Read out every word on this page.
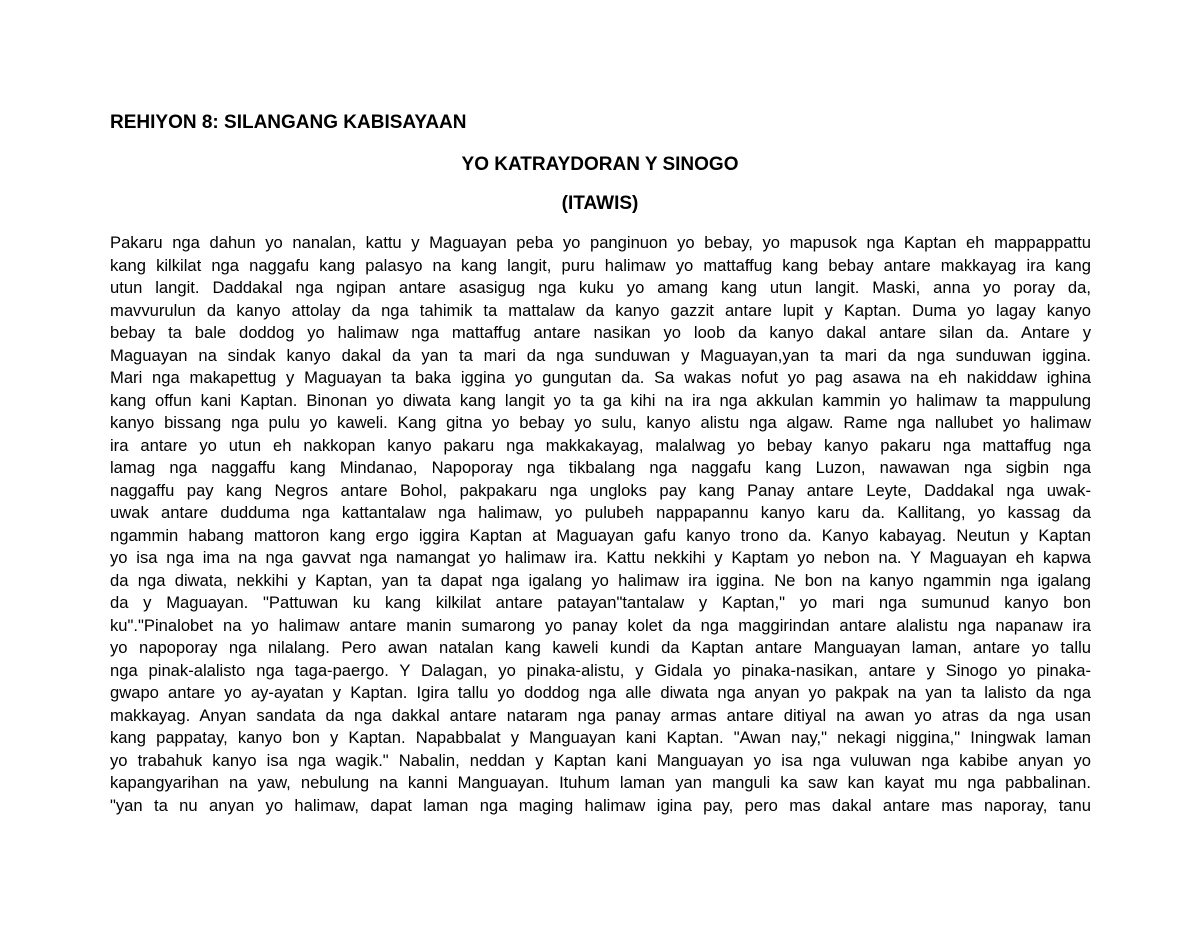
REHIYON 8: SILANGANG KABISAYAAN
YO KATRAYDORAN Y SINOGO
(ITAWIS)
Pakaru nga dahun yo nanalan, kattu y Maguayan peba yo panginuon yo bebay, yo mapusok nga Kaptan eh mappappattu
kang kilkilat nga naggafu kang palasyo na kang langit, puru halimaw yo mattaffug kang bebay antare makkayag ira kang
utun langit. Daddakal nga ngipan antare asasigug nga kuku yo amang kang utun langit. Maski, anna yo poray da,
mavvurulun da kanyo attolay da nga tahimik ta mattalaw da kanyo gazzit antare lupit y Kaptan. Duma yo lagay kanyo
bebay ta bale doddog yo halimaw nga mattaffug antare nasikan yo loob da kanyo dakal antare silan da. Antare y
Maguayan na sindak kanyo dakal da yan ta mari da nga sunduwan y Maguayan,yan ta mari da nga sunduwan iggina.
Mari nga makapettug y Maguayan ta baka iggina yo gungutan da. Sa wakas nofut yo pag asawa na eh nakiddaw ighina
kang offun kani Kaptan. Binonan yo diwata kang langit yo ta ga kihi na ira nga akkulan kammin yo halimaw ta mappulung
kanyo bissang nga pulu yo kaweli. Kang gitna yo bebay yo sulu, kanyo alistu nga algaw. Rame nga nallubet yo halimaw
ira antare yo utun eh nakkopan kanyo pakaru nga makkakayag, malalwag yo bebay kanyo pakaru nga mattaffug nga
lamag nga naggaffu kang Mindanao, Napoporay nga tikbalang nga naggafu kang Luzon, nawawan nga sigbin nga
naggaffu pay kang Negros antare Bohol, pakpakaru nga ungloks pay kang Panay antare Leyte, Daddakal nga uwak-
uwak antare dudduma nga kattantalaw nga halimaw, yo pulubeh nappapannu kanyo karu da. Kallitang, yo kassag da
ngammin habang mattoron kang ergo iggira Kaptan at Maguayan gafu kanyo trono da. Kanyo kabayag. Neutun y Kaptan
yo isa nga ima na nga gavvat nga namangat yo halimaw ira. Kattu nekkihi y Kaptam yo nebon na. Y Maguayan eh kapwa
da nga diwata, nekkihi y Kaptan, yan ta dapat nga igalang yo halimaw ira iggina. Ne bon na kanyo ngammin nga igalang
da y Maguayan. "Pattuwan ku kang kilkilat antare patayan"tantalaw y Kaptan," yo mari nga sumunud kanyo bon
ku"."Pinalobet na yo halimaw antare manin sumarong yo panay kolet da nga maggirindan antare alalistu nga napanaw ira
yo napoporay nga nilalang. Pero awan natalan kang kaweli kundi da Kaptan antare Manguayan laman, antare yo tallu
nga pinak-alalisto nga taga-paergo. Y Dalagan, yo pinaka-alistu, y Gidala yo pinaka-nasikan, antare y Sinogo yo pinaka-
gwapo antare yo ay-ayatan y Kaptan. Igira tallu yo doddog nga alle diwata nga anyan yo pakpak na yan ta lalisto da nga
makkayag. Anyan sandata da nga dakkal antare nataram nga panay armas antare ditiyal na awan yo atras da nga usan
kang pappatay, kanyo bon y Kaptan. Napabbalat y Manguayan kani Kaptan. "Awan nay," nekagi niggina," Iningwak laman
yo trabahuk kanyo isa nga wagik." Nabalin, neddan y Kaptan kani Manguayan yo isa nga vuluwan nga kabibe anyan yo
kapangyarihan na yaw, nebulung na kanni Manguayan. Ituhum laman yan manguli ka saw kan kayat mu nga pabbalinan.
"yan ta nu anyan yo halimaw, dapat laman nga maging halimaw igina pay, pero mas dakal antare mas naporay, tanu
